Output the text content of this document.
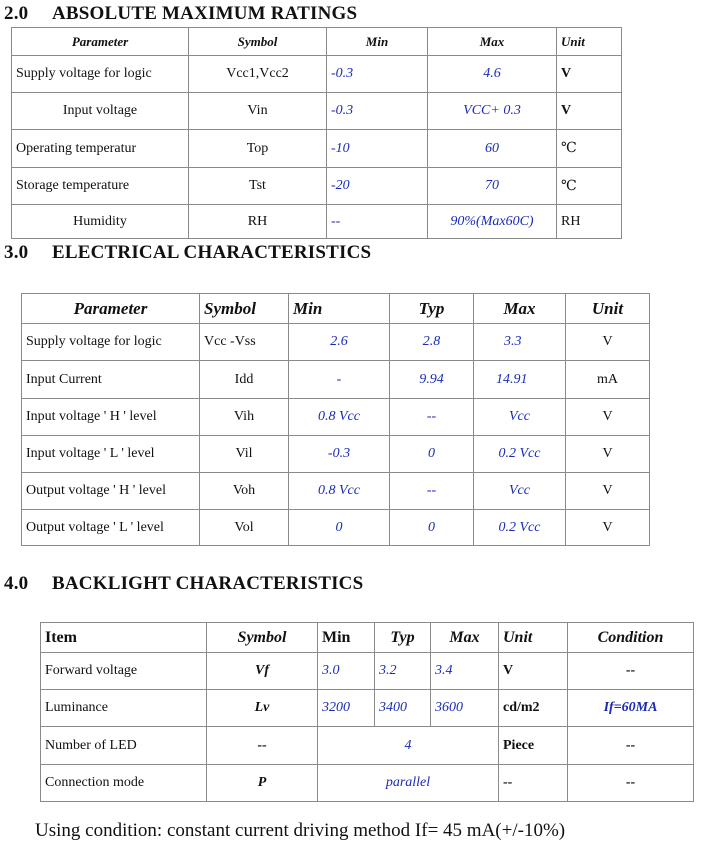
2.0 ABSOLUTE MAXIMUM RATINGS
Parameter	Symbol	Min	Max	Unit
Supply voltage for logic	Vcc1,Vcc2	-0.3	4.6	V
Input voltage	Vin	-0.3	VCC+ 0.3	V
Operating temperatur	Top	-10	60	℃
Storage temperature	Tst	-20	70	℃
Humidity	RH	--	90%(Max60C)	RH
3.0 ELECTRICAL CHARACTERISTICS
Parameter	Symbol	Min	Typ	Max	Unit
Supply voltage for logic	Vcc -Vss	2.6	2.8	3.3	V
Input Current	Idd	-	9.94	14.91	mA
Input voltage ' H ' level	Vih	0.8 Vcc	--	Vcc	V
Input voltage ' L ' level	Vil	-0.3	0	0.2 Vcc	V
Output voltage ' H ' level	Voh	0.8 Vcc	--	Vcc	V
Output voltage ' L ' level	Vol	0	0	0.2 Vcc	V
4.0 BACKLIGHT CHARACTERISTICS
Item	Symbol	Min	Typ	Max	Unit	Condition
Forward voltage	Vf	3.0	3.2	3.4	V	--
Luminance	Lv	3200	3400	3600	cd/m2	If=60MA
Number of LED	--	4			Piece	--
Connection mode	P	parallel			--	--
Using condition: constant current driving method If= 45 mA(+/-10%)
